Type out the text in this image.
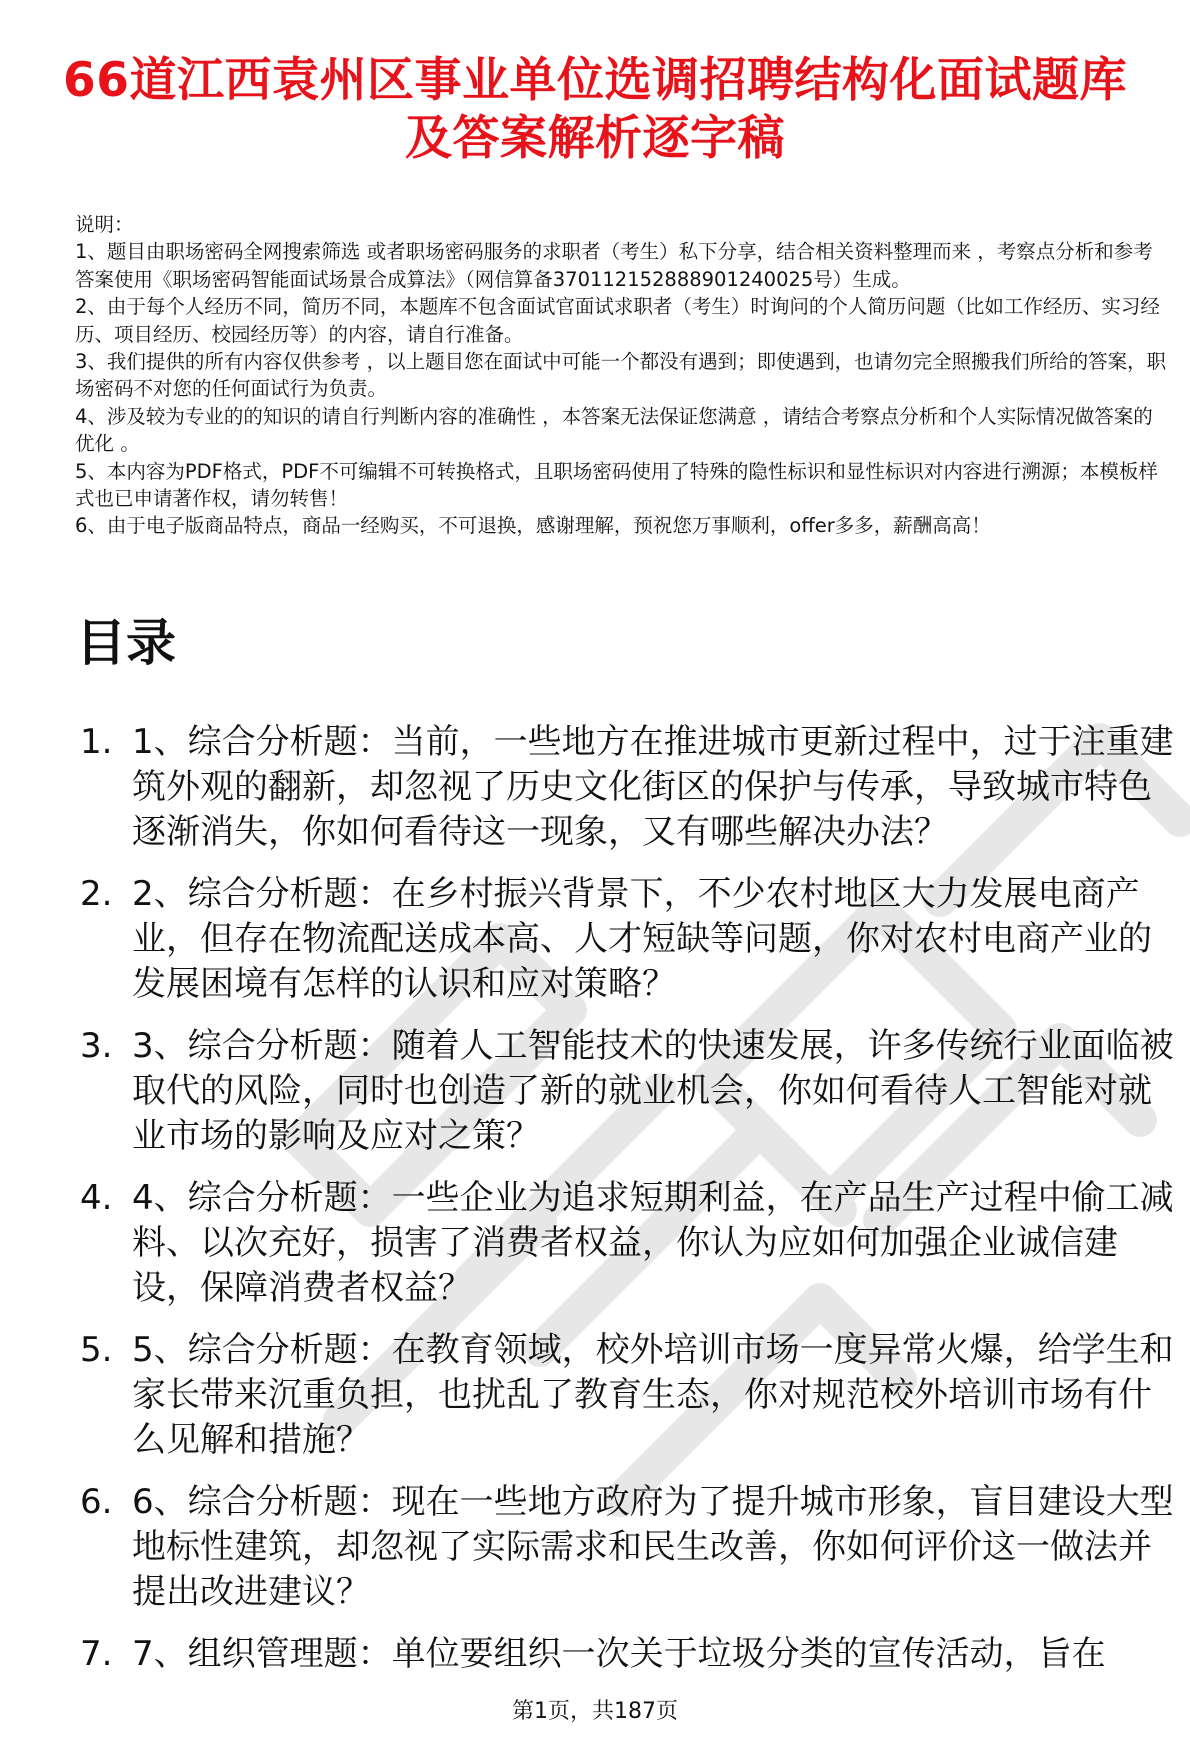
66道江西袁州区事业单位选调招聘结构化面试题库及答案解析逐字稿

说明：

1、题目由职场密码全网搜索筛选 或者职场密码服务的求职者（考生）私下分享，结合相关资料整理而来 ，考察点分析和参考答案使用《职场密码智能面试场景合成算法》（网信算备370112152888901240025号）生成。

2、由于每个人经历不同，简历不同，本题库不包含面试官面试求职者（考生）时询问的个人简历问题（比如工作经历、实习经历、项目经历、校园经历等）的内容，请自行准备。

3、我们提供的所有内容仅供参考 ，以上题目您在面试中可能一个都没有遇到；即使遇到，也请勿完全照搬我们所给的答案，职场密码不对您的任何面试行为负责。

4、涉及较为专业的的知识的请自行判断内容的准确性 ，本答案无法保证您满意 ，请结合考察点分析和个人实际情况做答案的优化 。

5、本内容为PDF格式，PDF不可编辑不可转换格式，且职场密码使用了特殊的隐性标识和显性标识对内容进行溯源；本模板样式也已申请著作权，请勿转售！

6、由于电子版商品特点，商品一经购买，不可退换，感谢理解，预祝您万事顺利，offer多多，薪酬高高！

目录
1. 1、综合分析题：当前，一些地方在推进城市更新过程中，过于注重建筑外观的翻新，却忽视了历史文化街区的保护与传承，导致城市特色逐渐消失，你如何看待这一现象，又有哪些解决办法？
2. 2、综合分析题：在乡村振兴背景下，不少农村地区大力发展电商产业，但存在物流配送成本高、人才短缺等问题，你对农村电商产业的发展困境有怎样的认识和应对策略？
3. 3、综合分析题：随着人工智能技术的快速发展，许多传统行业面临被取代的风险，同时也创造了新的就业机会，你如何看待人工智能对就业市场的影响及应对之策？
4. 4、综合分析题：一些企业为追求短期利益，在产品生产过程中偷工减料、以次充好，损害了消费者权益，你认为应如何加强企业诚信建设，保障消费者权益？
5. 5、综合分析题：在教育领域，校外培训市场一度异常火爆，给学生和家长带来沉重负担，也扰乱了教育生态，你对规范校外培训市场有什么见解和措施？
6. 6、综合分析题：现在一些地方政府为了提升城市形象，盲目建设大型地标性建筑，却忽视了实际需求和民生改善，你如何评价这一做法并提出改进建议？
7. 7、组织管理题：单位要组织一次关于垃圾分类的宣传活动，旨在
第1页，共187页
